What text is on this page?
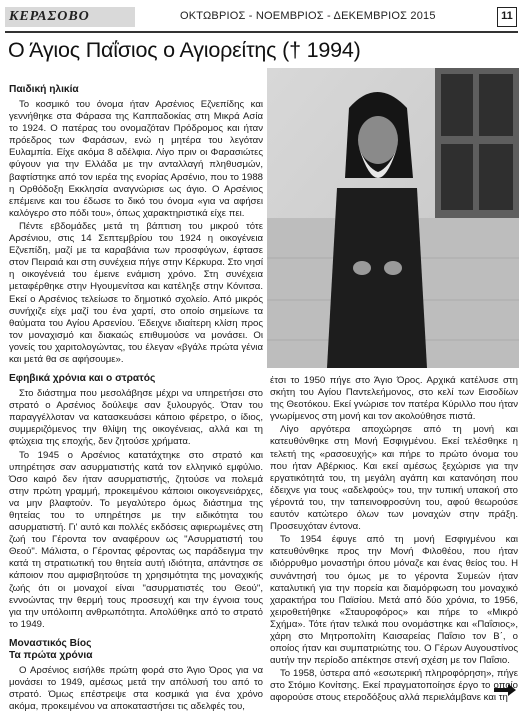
ΚΕΡΑΣΟΒΟ	ΟΚΤΩΒΡΙΟΣ - ΝΟΕΜΒΡΙΟΣ - ΔΕΚΕΜΒΡΙΟΣ 2015	11
Ο Άγιος Παΐσιος ο Αγιορείτης († 1994)
Παιδική ηλικία

Το κοσμικό του όνομα ήταν Αρσένιος Εζνεπίδης και γεννήθηκε στα Φάρασα της Καππαδοκίας στη Μικρά Ασία το 1924. Ο πατέρας του ονομαζόταν Πρόδρομος και ήταν πρόεδρος των Φαράσων, ενώ η μητέρα του λεγόταν Ευλαμπία. Είχε ακόμα 8 αδέλφια. Λίγο πριν οι Φαρασιώτες φύγουν για την Ελλάδα με την ανταλλαγή πληθυσμών, βαφτίστηκε από τον ιερέα της ενορίας Αρσένιο, που το 1988 η Ορθόδοξη Εκκλησία αναγνώρισε ως άγιο. Ο Αρσένιος επέμεινε και του έδωσε το δικό του όνομα «για να αφήσει καλόγερο στο πόδι του», όπως χαρακτηριστικά είχε πει.

Πέντε εβδομάδες μετά τη βάπτιση του μικρού τότε Αρσένιου, στις 14 Σεπτεμβρίου του 1924 η οικογένεια Εζνεπίδη, μαζί με τα καραβάνια των προσφύγων, έφτασε στον Πειραιά και στη συνέχεια πήγε στην Κέρκυρα. Στο νησί η οικογένειά του έμεινε ενάμιση χρόνο. Στη συνέχεια μεταφέρθηκε στην Ηγουμενίτσα και κατέληξε στην Κόνιτσα. Εκεί ο Αρσένιος τελείωσε το δημοτικό σχολείο. Από μικρός συνήχιζε είχε μαζί του ένα χαρτί, στο οποίο σημείωνε τα θαύματα του Αγίου Αρσενίου. Έδειχνε ιδιαίτερη κλίση προς τον μοναχισμό και διακαώς επιθυμούσε να μονάσει. Οι γονείς του χαριτολογώντας, του έλεγαν «βγάλε πρώτα γένια και μετά θα σε αφήσουμε».

Εφηβικά χρόνια και ο στρατός

Στο διάστημα που μεσολάβησε μέχρι να υπηρετήσει στο στρατό ο Αρσένιος δούλεψε σαν ξυλουργός. Όταν του παραγγέλλοταν να κατασκευάσει κάποιο φέρετρο, ο ίδιος, συμμεριζόμενος την θλίψη της οικογένειας, αλλά και τη φτώχεια της εποχής, δεν ζητούσε χρήματα.

Το 1945 ο Αρσένιος κατατάχτηκε στο στρατό και υπηρέτησε σαν ασυρματιστής κατά τον ελληνικό εμφύλιο. Όσο καιρό δεν ήταν ασυρματιστής, ζητούσε να πολεμά στην πρώτη γραμμή, προκειμένου κάποιοι οικογενειάρχες, να μην βλαφτούν. Το μεγαλύτερο όμως διάστημα της θητείας του το υπηρέτησε με την ειδικότητα του ασυρματιστή. Γι' αυτό και πολλές εκδόσεις αφιερωμένες στη ζωή του Γέροντα τον αναφέρουν ως "Ασυρματιστή του Θεού". Μάλιστα, ο Γέροντας φέροντας ως παράδειγμα την κατά τη στρατιωτική του θητεία αυτή ιδιότητα, απάντησε σε κάποιον που αμφισβητούσε τη χρησιμότητα της μοναχικής ζωής ότι οι μοναχοί είναι "ασυρματιστές του Θεού", εννοώντας την θερμή τους προσευχή και την έγνοια τους για την υπόλοιπη ανθρωπότητα. Απολύθηκε από το στρατό το 1949.

Μοναστικός Βίος
Τα πρώτα χρόνια

Ο Αρσένιος εισήλθε πρώτη φορά στο Άγιο Όρος για να μονάσει το 1949, αμέσως μετά την απόλυσή του από το στρατό. Όμως επέστρεψε στα κοσμικά για ένα χρόνο ακόμα, προκειμένου να αποκαταστήσει τις αδελφές του,

έτσι το 1950 πήγε στο Άγιο Όρος. Αρχικά κατέλυσε στη σκήτη του Αγίου Παντελεήμονος, στο κελί των Εισοδίων της Θεοτόκου. Εκεί γνώρισε τον πατέρα Κύριλλο που ήταν γνωρίμενος στη μονή και τον ακολούθησε πιστά.

Λίγο αργότερα αποχώρησε από τη μονή και κατευθύνθηκε στη Μονή Εσφιγμένου. Εκεί τελέσθηκε η τελετή της «ρασοευχής» και πήρε το πρώτο όνομα του που ήταν Αβέρκιος. Και εκεί αμέσως ξεχώρισε για την εργατικότητά του, τη μεγάλη αγάπη και κατανόηση που έδειχνε για τους «αδελφούς» του, την τυπική υπακοή στο γέροντά του, την ταπεινοφροσύνη του, αφού θεωρούσε εαυτόν κατώτερο όλων των μοναχών στην πράξη. Προσευχόταν έντονα.

Το 1954 έφυγε από τη μονή Εσφιγμένου και κατευθύνθηκε προς την Μονή Φιλοθέου, που ήταν ιδιόρρυθμο μοναστήρι όπου μόναζε και ένας θείος του. Η συνάντησή του όμως με το γέροντα Συμεών ήταν καταλυτική για την πορεία και διαμόρφωση του μοναχικό χαρακτήρα του Παϊσίου. Μετά από δύο χρόνια, το 1956, χειροθετήθηκε «Σταυροφόρος» και πήρε το «Μικρό Σχήμα». Τότε ήταν τελικά που ονομάστηκε και «Παΐσιος», χάρη στο Μητροπολίτη Καισαρείας Παΐσιο τον Β΄, ο οποίος ήταν και συμπατριώτης του. Ο Γέρων Αυγουστίνος αυτήν την περίοδο απέκτησε στενή σχέση με τον Παΐσιο.

Το 1958, ύστερα από «εσωτερική πληροφόρηση», πήγε στο Στόμιο Κονίτσης. Εκεί πραγματοποίησε έργο το οποίο αφορούσε στους ετεροδόξους αλλά περιελάμβανε και τη
